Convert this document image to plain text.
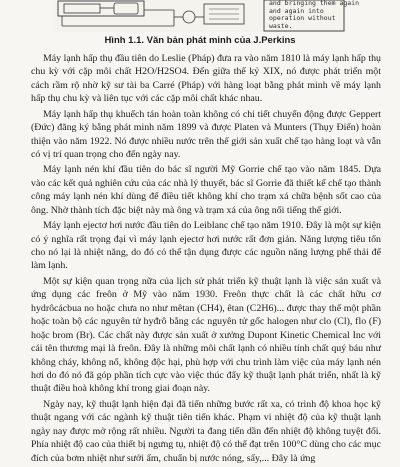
and bringing them again
and again into
operation without
waste.
Hình 1.1. Văn bản phát minh của J.Perkins

Máy lạnh hấp thụ đầu tiên do Leslie (Pháp) đưa ra vào năm 1810 là máy lạnh hấp thụ chu kỳ với cặp môi chất H2O/H2SO4. Đến giữa thế kỷ XIX, nó được phát triển một cách rầm rộ nhờ kỹ sư tài ba Carré (Pháp) với hàng loạt bằng phát minh về máy lạnh hấp thụ chu kỳ và liên tục với các cặp môi chất khác nhau.

Máy lạnh hấp thụ khuếch tán hoàn toàn không có chi tiết chuyển động được Geppert (Đức) đăng ký bằng phát minh năm 1899 và được Platen và Munters (Thụy Điển) hoàn thiện vào năm 1922. Nó được nhiều nước trên thế giới sản xuất chế tạo hàng loạt và vẫn có vị trí quan trọng cho đến ngày nay.

Máy lạnh nén khí đầu tiên do bác sĩ người Mỹ Gorrie chế tạo vào năm 1845. Dựa vào các kết quả nghiên cứu của các nhà lý thuyết, bác sĩ Gorrie đã thiết kế chế tạo thành công máy lạnh nén khí dùng để điều tiết không khí cho trạm xá chữa bệnh sốt cao của ông. Nhờ thành tích đặc biệt này mà ông và trạm xá của ông nổi tiếng thế giới.

Máy lạnh ejectơ hơi nước đầu tiên do Leiblanc chế tạo năm 1910. Đây là một sự kiện có ý nghĩa rất trọng đại vì máy lạnh ejectơ hơi nước rất đơn giản. Năng lượng tiêu tốn cho nó lại là nhiệt năng, do đó có thể tận dụng được các nguồn năng lượng phế thải để làm lạnh.

Một sự kiện quan trọng nữa của lịch sử phát triển kỹ thuật lạnh là việc sản xuất và ứng dụng các freôn ở Mỹ vào năm 1930. Freôn thực chất là các chất hữu cơ hydrôcácbua no hoặc chưa no như mêtan (CH4), êtan (C2H6)... được thay thế một phần hoặc toàn bộ các nguyên tử hyđrô bằng các nguyên tử gốc halogen như clo (Cl), flo (F) hoặc brom (Br). Các chất này được sản xuất ở xưởng Dupont Kinetic Chemical Inc với cái tên thương mại là freôn. Đây là những môi chất lạnh có nhiều tính chất quý báu như không cháy, không nổ, không độc hại, phù hợp với chu trình làm việc của máy lạnh nén hơi do đó nó đã góp phần tích cực vào việc thúc đẩy kỹ thuật lạnh phát triển, nhất là kỹ thuật điều hoà không khí trong giai đoạn này.

Ngày nay, kỹ thuật lạnh hiện đại đã tiến những bước rất xa, có trình độ khoa học kỹ thuật ngang với các ngành kỹ thuật tiên tiến khác. Phạm vi nhiệt độ của kỹ thuật lạnh ngày nay được mở rộng rất nhiều. Người ta đang tiến dần đến nhiệt độ không tuyệt đối. Phía nhiệt độ cao của thiết bị ngưng tụ, nhiệt độ có thể đạt trên 100°C dùng cho các mục đích của bơm nhiệt như sưởi ấm, chuẩn bị nước nóng, sấy,... Đây là ứng
